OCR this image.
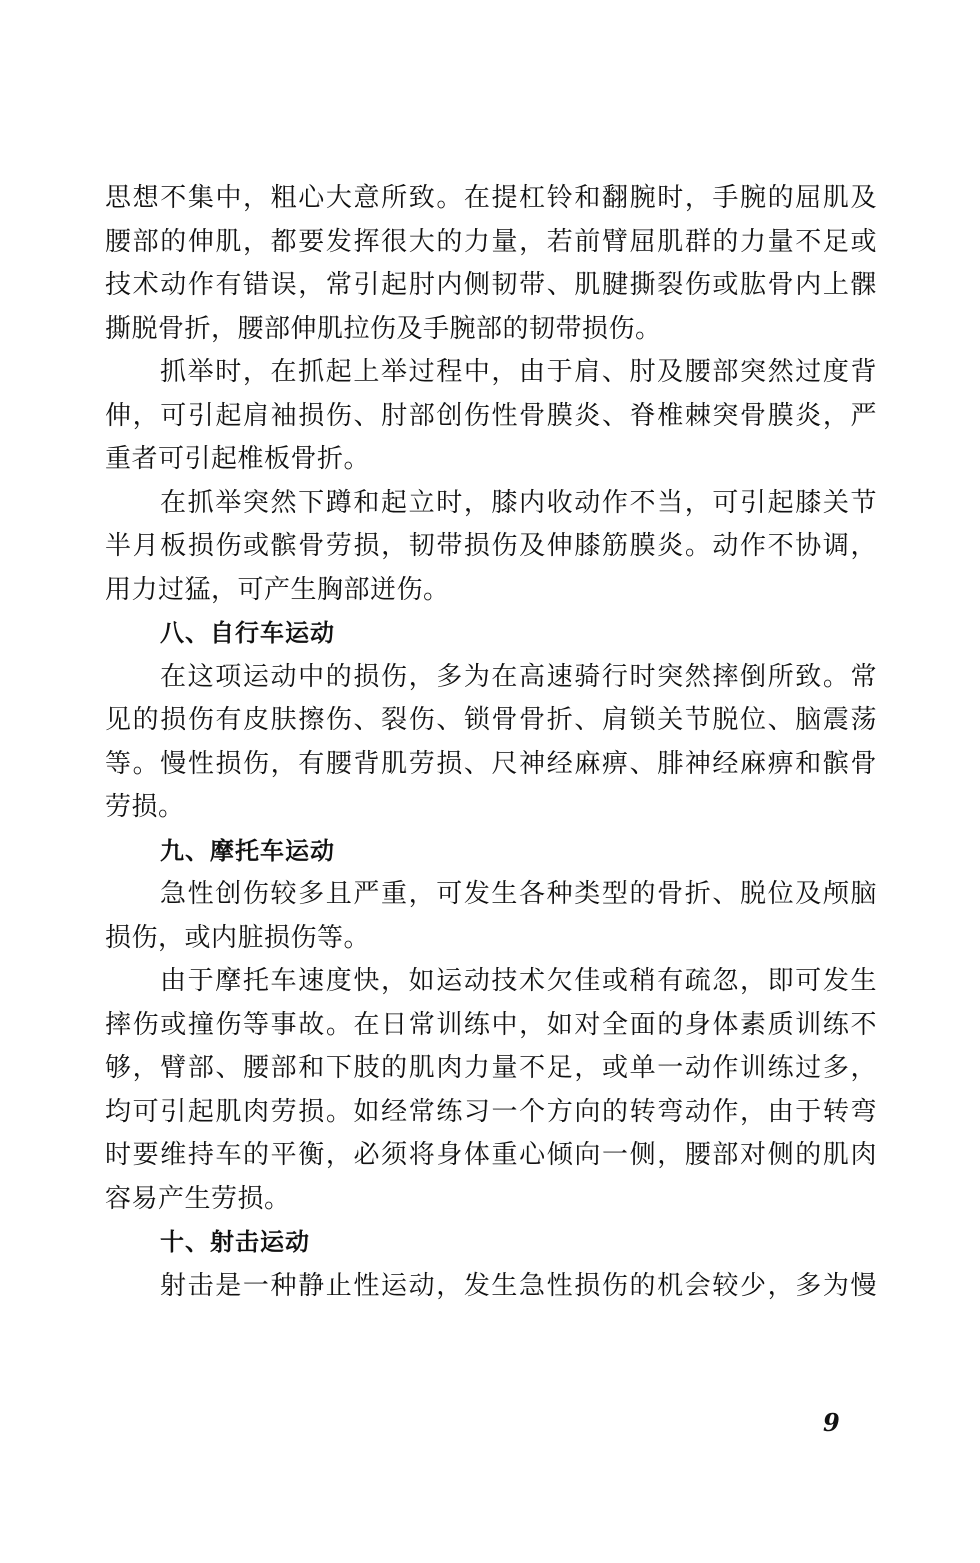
思想不集中，粗心大意所致。在提杠铃和翻腕时，手腕的屈肌及
腰部的伸肌，都要发挥很大的力量，若前臂屈肌群的力量不足或
技术动作有错误，常引起肘内侧韧带、肌腱撕裂伤或肱骨内上髁
撕脱骨折，腰部伸肌拉伤及手腕部的韧带损伤。
抓举时，在抓起上举过程中，由于肩、肘及腰部突然过度背
伸，可引起肩袖损伤、肘部创伤性骨膜炎、脊椎棘突骨膜炎，严
重者可引起椎板骨折。
在抓举突然下蹲和起立时，膝内收动作不当，可引起膝关节
半月板损伤或髌骨劳损，韧带损伤及伸膝筋膜炎。动作不协调，
用力过猛，可产生胸部迸伤。
八、自行车运动
在这项运动中的损伤，多为在高速骑行时突然摔倒所致。常
见的损伤有皮肤擦伤、裂伤、锁骨骨折、肩锁关节脱位、脑震荡
等。慢性损伤，有腰背肌劳损、尺神经麻痹、腓神经麻痹和髌骨
劳损。
九、摩托车运动
急性创伤较多且严重，可发生各种类型的骨折、脱位及颅脑
损伤，或内脏损伤等。
由于摩托车速度快，如运动技术欠佳或稍有疏忽，即可发生
摔伤或撞伤等事故。在日常训练中，如对全面的身体素质训练不
够，臂部、腰部和下肢的肌肉力量不足，或单一动作训练过多，
均可引起肌肉劳损。如经常练习一个方向的转弯动作，由于转弯
时要维持车的平衡，必须将身体重心倾向一侧，腰部对侧的肌肉
容易产生劳损。
十、射击运动
射击是一种静止性运动，发生急性损伤的机会较少，多为慢
9
